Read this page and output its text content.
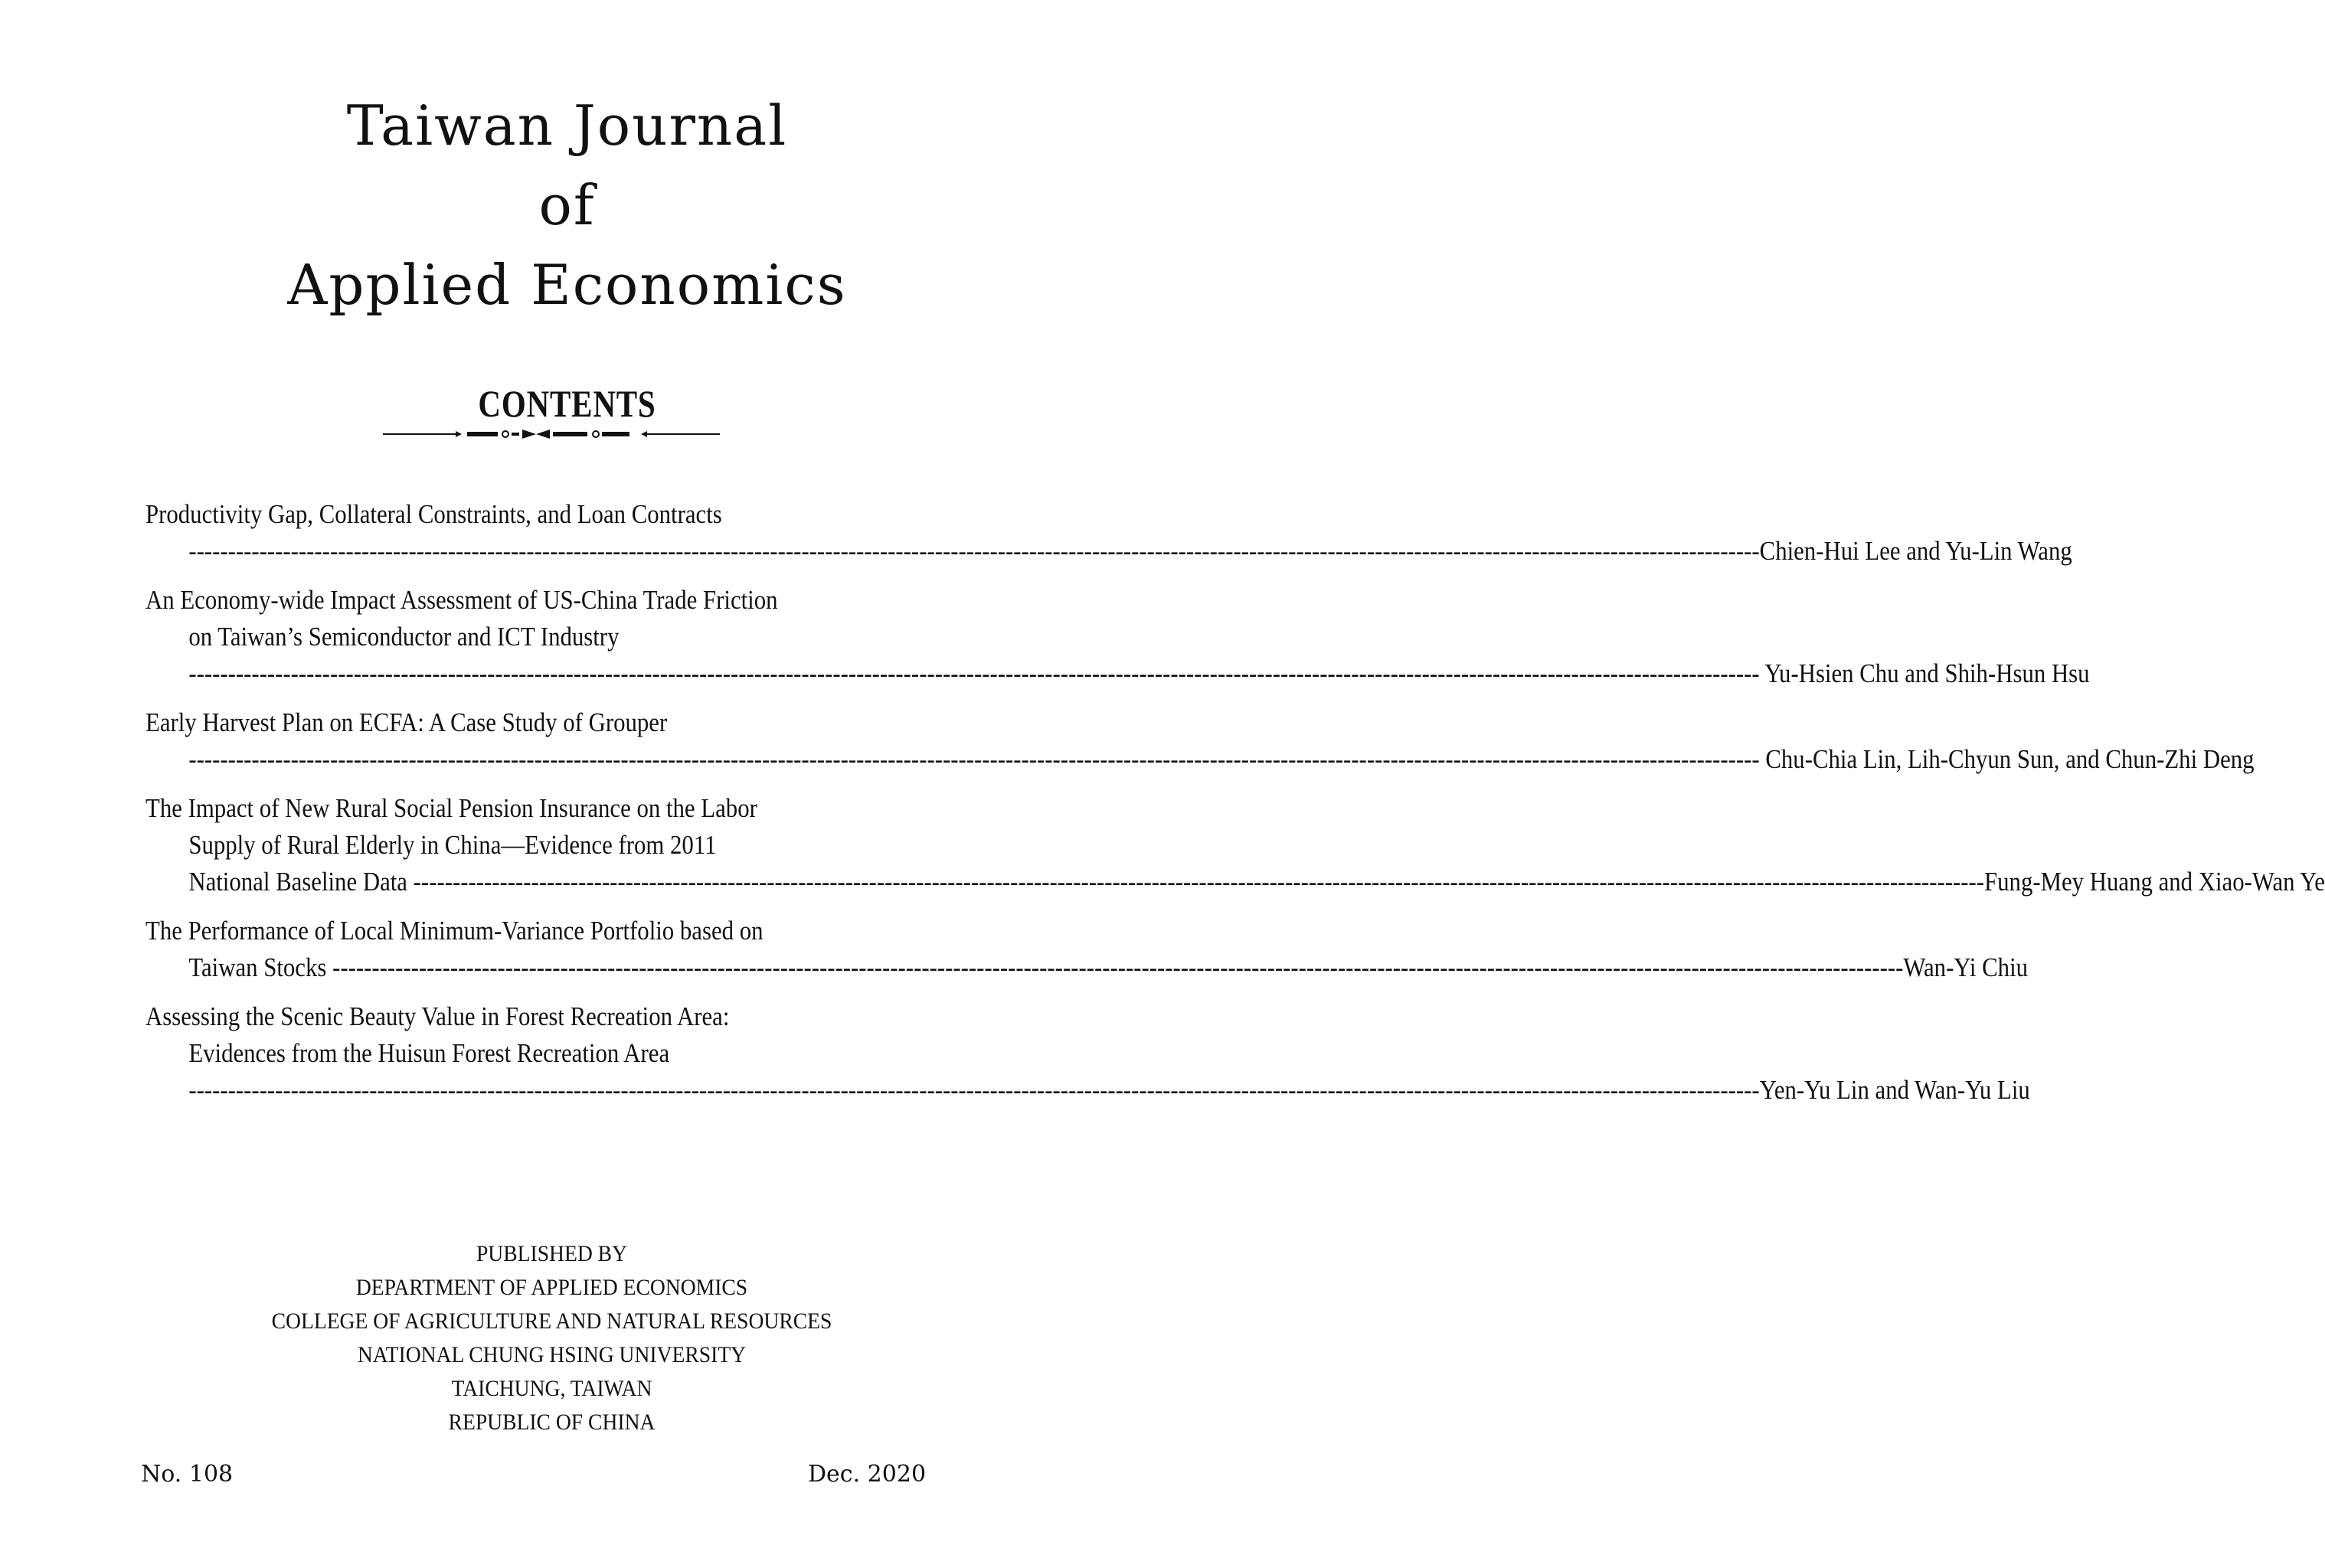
Taiwan Journal
of
Applied Economics
CONTENTS
Productivity Gap, Collateral Constraints, and Loan Contracts
-------------------------------------------------------------------------------------------------------------------------------------------------------------------------------------------------------- Chien-Hui Lee and Yu-Lin Wang
An Economy-wide Impact Assessment of US-China Trade Friction
on Taiwan’s Semiconductor and ICT Industry
-------------------------------------------------------------------------------------------------------------------------------------------------------------------------------------------------------- Yu-Hsien Chu and Shih-Hsun Hsu
Early Harvest Plan on ECFA: A Case Study of Grouper
-------------------------------------------------------------------------------------------------------------------------------------------------------------------------------------------------------- Chu-Chia Lin, Lih-Chyun Sun, and Chun-Zhi Deng
The Impact of New Rural Social Pension Insurance on the Labor
Supply of Rural Elderly in China—Evidence from 2011
National Baseline Data -------------------------------------------------------------------------------------------------------------------------------------------------------------------------------------------------------- Fung-Mey Huang and Xiao-Wan Ye
The Performance of Local Minimum-Variance Portfolio based on
Taiwan Stocks -------------------------------------------------------------------------------------------------------------------------------------------------------------------------------------------------------- Wan-Yi Chiu
Assessing the Scenic Beauty Value in Forest Recreation Area:
Evidences from the Huisun Forest Recreation Area
-------------------------------------------------------------------------------------------------------------------------------------------------------------------------------------------------------- Yen-Yu Lin and Wan-Yu Liu
PUBLISHED BY
DEPARTMENT OF APPLIED ECONOMICS
COLLEGE OF AGRICULTURE AND NATURAL RESOURCES
NATIONAL CHUNG HSING UNIVERSITY
TAICHUNG, TAIWAN
REPUBLIC OF CHINA
No. 108	Dec. 2020
